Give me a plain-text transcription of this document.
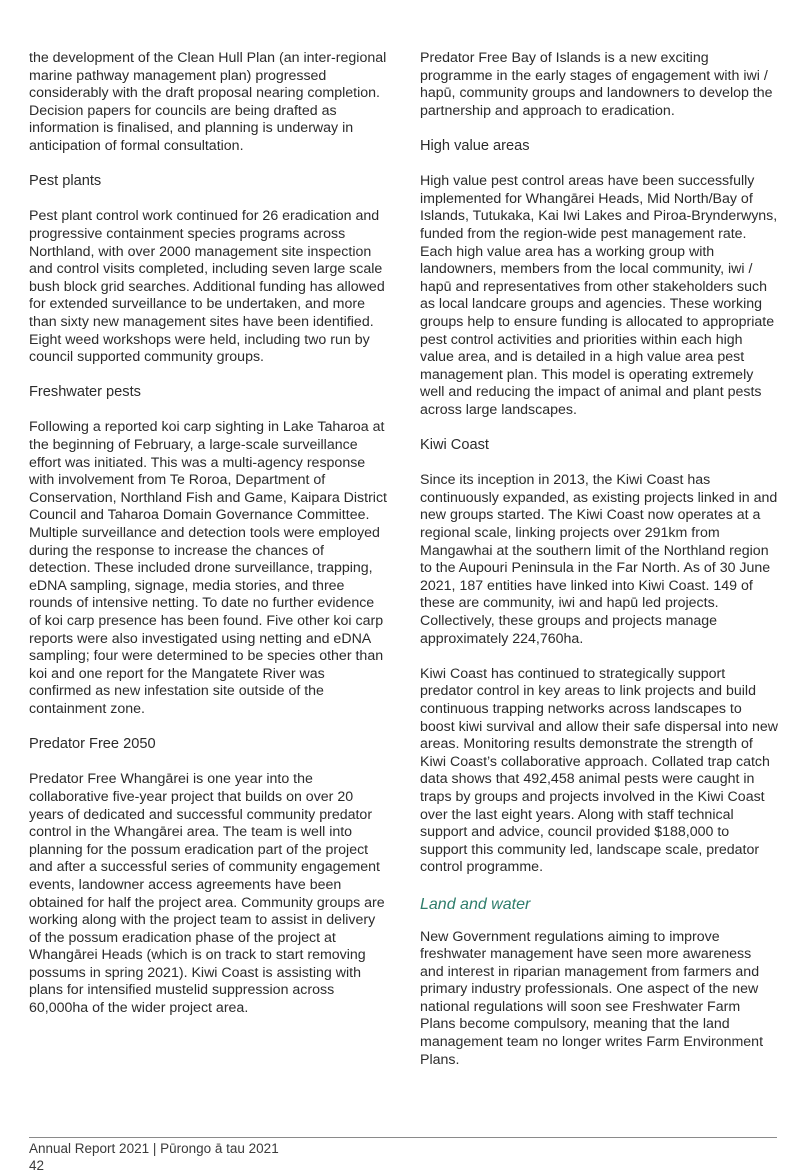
the development of the Clean Hull Plan (an inter-regional marine pathway management plan) progressed considerably with the draft proposal nearing completion. Decision papers for councils are being drafted as information is finalised, and planning is underway in anticipation of formal consultation.

Pest plants

Pest plant control work continued for 26 eradication and progressive containment species programs across Northland, with over 2000 management site inspection and control visits completed, including seven large scale bush block grid searches. Additional funding has allowed for extended surveillance to be undertaken, and more than sixty new management sites have been identified. Eight weed workshops were held, including two run by council supported community groups.

Freshwater pests

Following a reported koi carp sighting in Lake Taharoa at the beginning of February, a large-scale surveillance effort was initiated. This was a multi-agency response with involvement from Te Roroa, Department of Conservation, Northland Fish and Game, Kaipara District Council and Taharoa Domain Governance Committee. Multiple surveillance and detection tools were employed during the response to increase the chances of detection. These included drone surveillance, trapping, eDNA sampling, signage, media stories, and three rounds of intensive netting. To date no further evidence of koi carp presence has been found. Five other koi carp reports were also investigated using netting and eDNA sampling; four were determined to be species other than koi and one report for the Mangatete River was confirmed as new infestation site outside of the containment zone.

Predator Free 2050

Predator Free Whangārei is one year into the collaborative five-year project that builds on over 20 years of dedicated and successful community predator control in the Whangārei area. The team is well into planning for the possum eradication part of the project and after a successful series of community engagement events, landowner access agreements have been obtained for half the project area. Community groups are working along with the project team to assist in delivery of the possum eradication phase of the project at Whangārei Heads (which is on track to start removing possums in spring 2021). Kiwi Coast is assisting with plans for intensified mustelid suppression across 60,000ha of the wider project area.

Predator Free Bay of Islands is a new exciting programme in the early stages of engagement with iwi / hapū, community groups and landowners to develop the partnership and approach to eradication.

High value areas

High value pest control areas have been successfully implemented for Whangārei Heads, Mid North/Bay of Islands, Tutukaka, Kai Iwi Lakes and Piroa-Brynderwyns, funded from the region-wide pest management rate. Each high value area has a working group with landowners, members from the local community, iwi / hapū and representatives from other stakeholders such as local landcare groups and agencies. These working groups help to ensure funding is allocated to appropriate pest control activities and priorities within each high value area, and is detailed in a high value area pest management plan. This model is operating extremely well and reducing the impact of animal and plant pests across large landscapes.

Kiwi Coast

Since its inception in 2013, the Kiwi Coast has continuously expanded, as existing projects linked in and new groups started. The Kiwi Coast now operates at a regional scale, linking projects over 291km from Mangawhai at the southern limit of the Northland region to the Aupouri Peninsula in the Far North. As of 30 June 2021, 187 entities have linked into Kiwi Coast. 149 of these are community, iwi and hapū led projects. Collectively, these groups and projects manage approximately 224,760ha.

Kiwi Coast has continued to strategically support predator control in key areas to link projects and build continuous trapping networks across landscapes to boost kiwi survival and allow their safe dispersal into new areas. Monitoring results demonstrate the strength of Kiwi Coast’s collaborative approach. Collated trap catch data shows that 492,458 animal pests were caught in traps by groups and projects involved in the Kiwi Coast over the last eight years. Along with staff technical support and advice, council provided $188,000 to support this community led, landscape scale, predator control programme.

Land and water

New Government regulations aiming to improve freshwater management have seen more awareness and interest in riparian management from farmers and primary industry professionals. One aspect of the new national regulations will soon see Freshwater Farm Plans become compulsory, meaning that the land management team no longer writes Farm Environment Plans.

Annual Report 2021 | Pūrongo ā tau 2021
42
